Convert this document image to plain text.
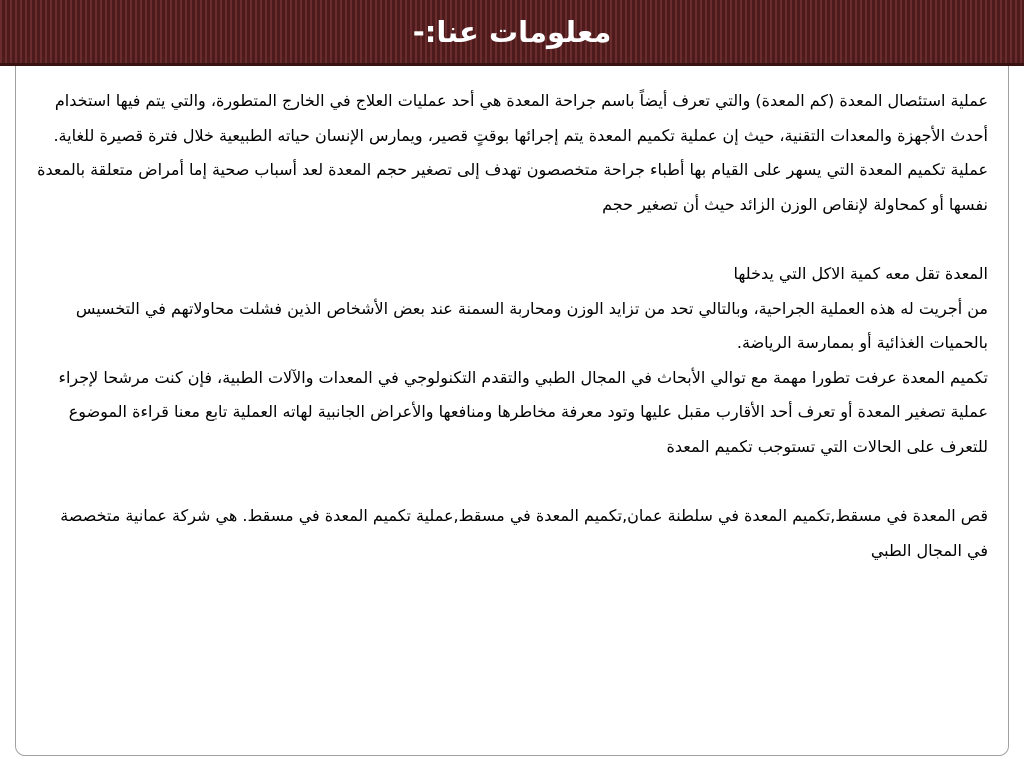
معلومات عنا:-

عملية استئصال المعدة (كم المعدة) والتي تعرف أيضاً باسم جراحة المعدة هي أحد عمليات العلاج في الخارج المتطورة، والتي يتم فيها استخدام أحدث الأجهزة والمعدات التقنية، حيث إن عملية تكميم المعدة يتم إجرائها بوقتٍ قصير، ويمارس الإنسان حياته الطبيعية خلال فترة قصيرة للغاية.

عملية تكميم المعدة التي يسهر على القيام بها أطباء جراحة متخصصون تهدف إلى تصغير حجم المعدة لعد أسباب صحية إما أمراض متعلقة بالمعدة نفسها أو كمحاولة لإنقاص الوزن الزائد حيث أن تصغير حجم

المعدة تقل معه كمية الاكل التي يدخلها

من أجريت له هذه العملية الجراحية، وبالتالي تحد من تزايد الوزن ومحاربة السمنة عند بعض الأشخاص الذين فشلت محاولاتهم في التخسيس بالحميات الغذائية أو بممارسة الرياضة.

تكميم المعدة عرفت تطورا مهمة مع توالي الأبحاث في المجال الطبي والتقدم التكنولوجي في المعدات والآلات الطبية، فإن كنت مرشحا لإجراء عملية تصغير المعدة أو تعرف أحد الأقارب مقبل عليها وتود معرفة مخاطرها ومنافعها والأعراض الجانبية لهاته العملية تابع معنا قراءة الموضوع للتعرف على الحالات التي تستوجب تكميم المعدة

قص المعدة في مسقط,تكميم المعدة في سلطنة عمان,تكميم المعدة في مسقط,عملية تكميم المعدة في مسقط. هي شركة عمانية متخصصة في المجال الطبي
